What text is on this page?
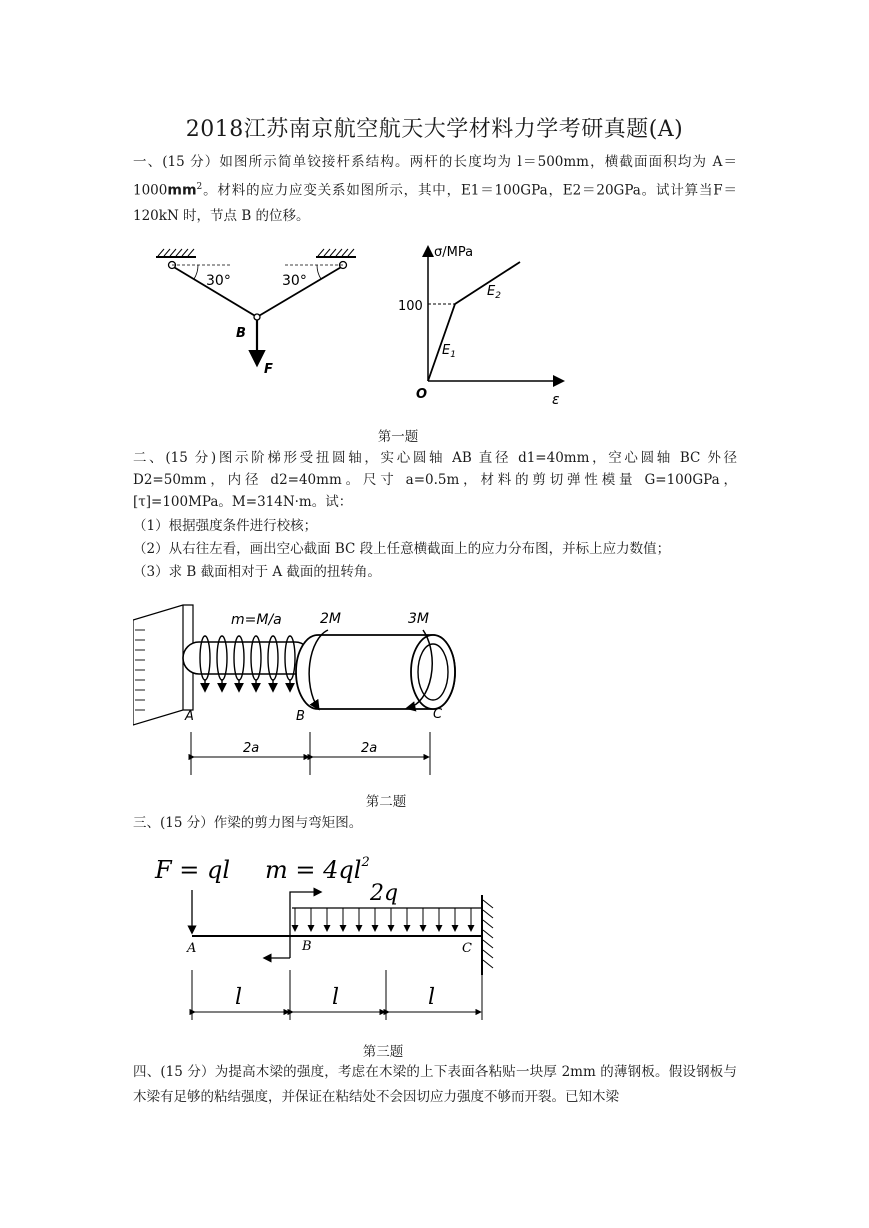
2018江苏南京航空航天大学材料力学考研真题(A)
一、(15 分）如图所示简单铰接杆系结构。两杆的长度均为 l＝500mm，横截面面积均为 $A=1000mm^2$。材料的应力应变关系如图所示，其中，E1＝100GPa，E2＝20GPa。试计算当F＝120kN 时，节点 B 的位移。
30°	30°
B
F
σ/MPa
100
O	ε
$E_1$
$E_2$
第一题
二、(15 分)图示阶梯形受扭圆轴，实心圆轴 AB 直径 d1=40mm，空心圆轴 BC 外径 D2=50mm，内径 d2=40mm。尺寸 a=0.5m，材料的剪切弹性模量 G=100GPa，[τ]=100MPa。M=314N·m。试：
（1）根据强度条件进行校核；
（2）从右往左看，画出空心截面 BC 段上任意横截面上的应力分布图，并标上应力数值；
（3）求 B 截面相对于 A 截面的扭转角。
m=M/a	2M	3M
A	B	C
2a	2a
第二题
三、(15 分）作梁的剪力图与弯矩图。
F = ql $m = 4ql^2$
2q
A	B	C
l	l	l
第三题
四、(15 分）为提高木梁的强度，考虑在木梁的上下表面各粘贴一块厚 2mm 的薄钢板。假设钢板与木梁有足够的粘结强度，并保证在粘结处不会因切应力强度不够而开裂。已知木梁
